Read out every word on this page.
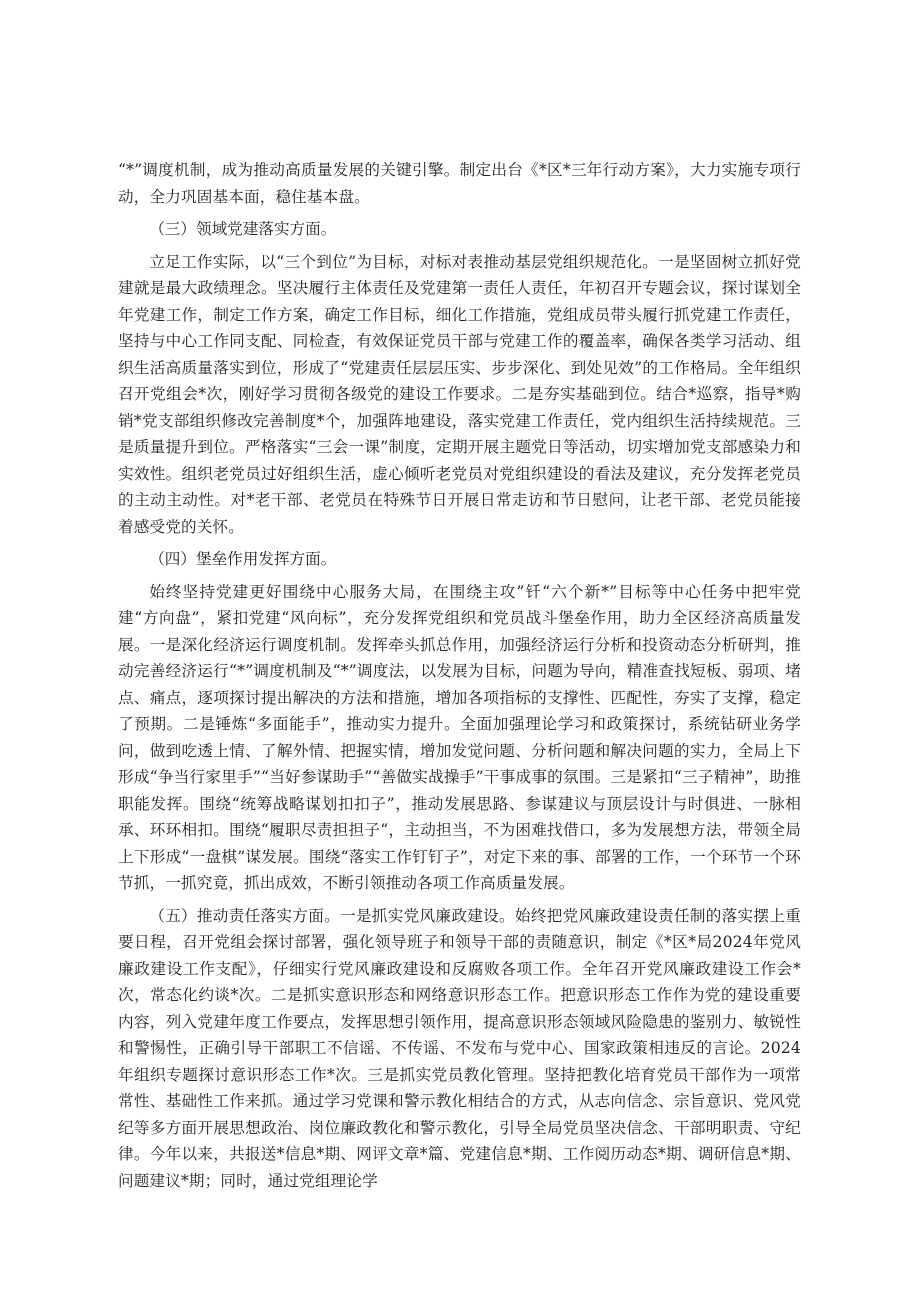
“*”调度机制，成为推动高质量发展的关键引擎。制定出台《*区*三年行动方案》，大力实施专项行动，全力巩固基本面，稳住基本盘。

（三）领域党建落实方面。

立足工作实际，以“三个到位”为目标，对标对表推动基层党组织规范化。一是坚固树立抓好党建就是最大政绩理念。坚决履行主体责任及党建第一责任人责任，年初召开专题会议，探讨谋划全年党建工作，制定工作方案，确定工作目标，细化工作措施，党组成员带头履行抓党建工作责任，坚持与中心工作同支配、同检查，有效保证党员干部与党建工作的覆盖率，确保各类学习活动、组织生活高质量落实到位，形成了“党建责任层层压实、步步深化、到处见效”的工作格局。全年组织召开党组会*次，刚好学习贯彻各级党的建设工作要求。二是夯实基础到位。结合*巡察，指导*购销*党支部组织修改完善制度*个，加强阵地建设，落实党建工作责任，党内组织生活持续规范。三是质量提升到位。严格落实“三会一课”制度，定期开展主题党日等活动，切实增加党支部感染力和实效性。组织老党员过好组织生活，虚心倾听老党员对党组织建设的看法及建议，充分发挥老党员的主动主动性。对*老干部、老党员在特殊节日开展日常走访和节日慰问，让老干部、老党员能接着感受党的关怀。

（四）堡垒作用发挥方面。

始终坚持党建更好围绕中心服务大局，在围绕主攻”钎“六个新*”目标等中心任务中把牢党建“方向盘”，紧扣党建“风向标”，充分发挥党组织和党员战斗堡垒作用，助力全区经济高质量发展。一是深化经济运行调度机制。发挥牵头抓总作用，加强经济运行分析和投资动态分析研判，推动完善经济运行“*”调度机制及“*”调度法，以发展为目标，问题为导向，精准查找短板、弱项、堵点、痛点，逐项探讨提出解决的方法和措施，增加各项指标的支撑性、匹配性，夯实了支撑，稳定了预期。二是锤炼“多面能手”，推动实力提升。全面加强理论学习和政策探讨，系统钻研业务学问，做到吃透上情、了解外情、把握实情，增加发觉问题、分析问题和解决问题的实力，全局上下形成“争当行家里手”“当好参谋助手”“善做实战操手”干事成事的氛围。三是紧扣“三子精神”，助推职能发挥。围绕“统筹战略谋划扣扣子”，推动发展思路、参谋建议与顶层设计与时俱进、一脉相承、环环相扣。围绕“履职尽责担担子“，主动担当，不为困难找借口，多为发展想方法，带领全局上下形成“一盘棋”谋发展。围绕“落实工作钉钉子”，对定下来的事、部署的工作，一个环节一个环节抓，一抓究竟，抓出成效，不断引领推动各项工作高质量发展。

（五）推动责任落实方面。一是抓实党风廉政建设。始终把党风廉政建设责任制的落实摆上重要日程，召开党组会探讨部署，强化领导班子和领导干部的责随意识，制定《*区*局2024年党风廉政建设工作支配》，仔细实行党风廉政建设和反腐败各项工作。全年召开党风廉政建设工作会*次，常态化约谈*次。二是抓实意识形态和网络意识形态工作。把意识形态工作作为党的建设重要内容，列入党建年度工作要点，发挥思想引领作用，提高意识形态领域风险隐患的鉴别力、敏锐性和警惕性，正确引导干部职工不信谣、不传谣、不发布与党中心、国家政策相违反的言论。2024年组织专题探讨意识形态工作*次。三是抓实党员教化管理。坚持把教化培育党员干部作为一项常常性、基础性工作来抓。通过学习党课和警示教化相结合的方式，从志向信念、宗旨意识、党风党纪等多方面开展思想政治、岗位廉政教化和警示教化，引导全局党员坚决信念、干部明职责、守纪律。今年以来，共报送*信息*期、网评文章*篇、党建信息*期、工作阅历动态*期、调研信息*期、问题建议*期；同时，通过党组理论学
